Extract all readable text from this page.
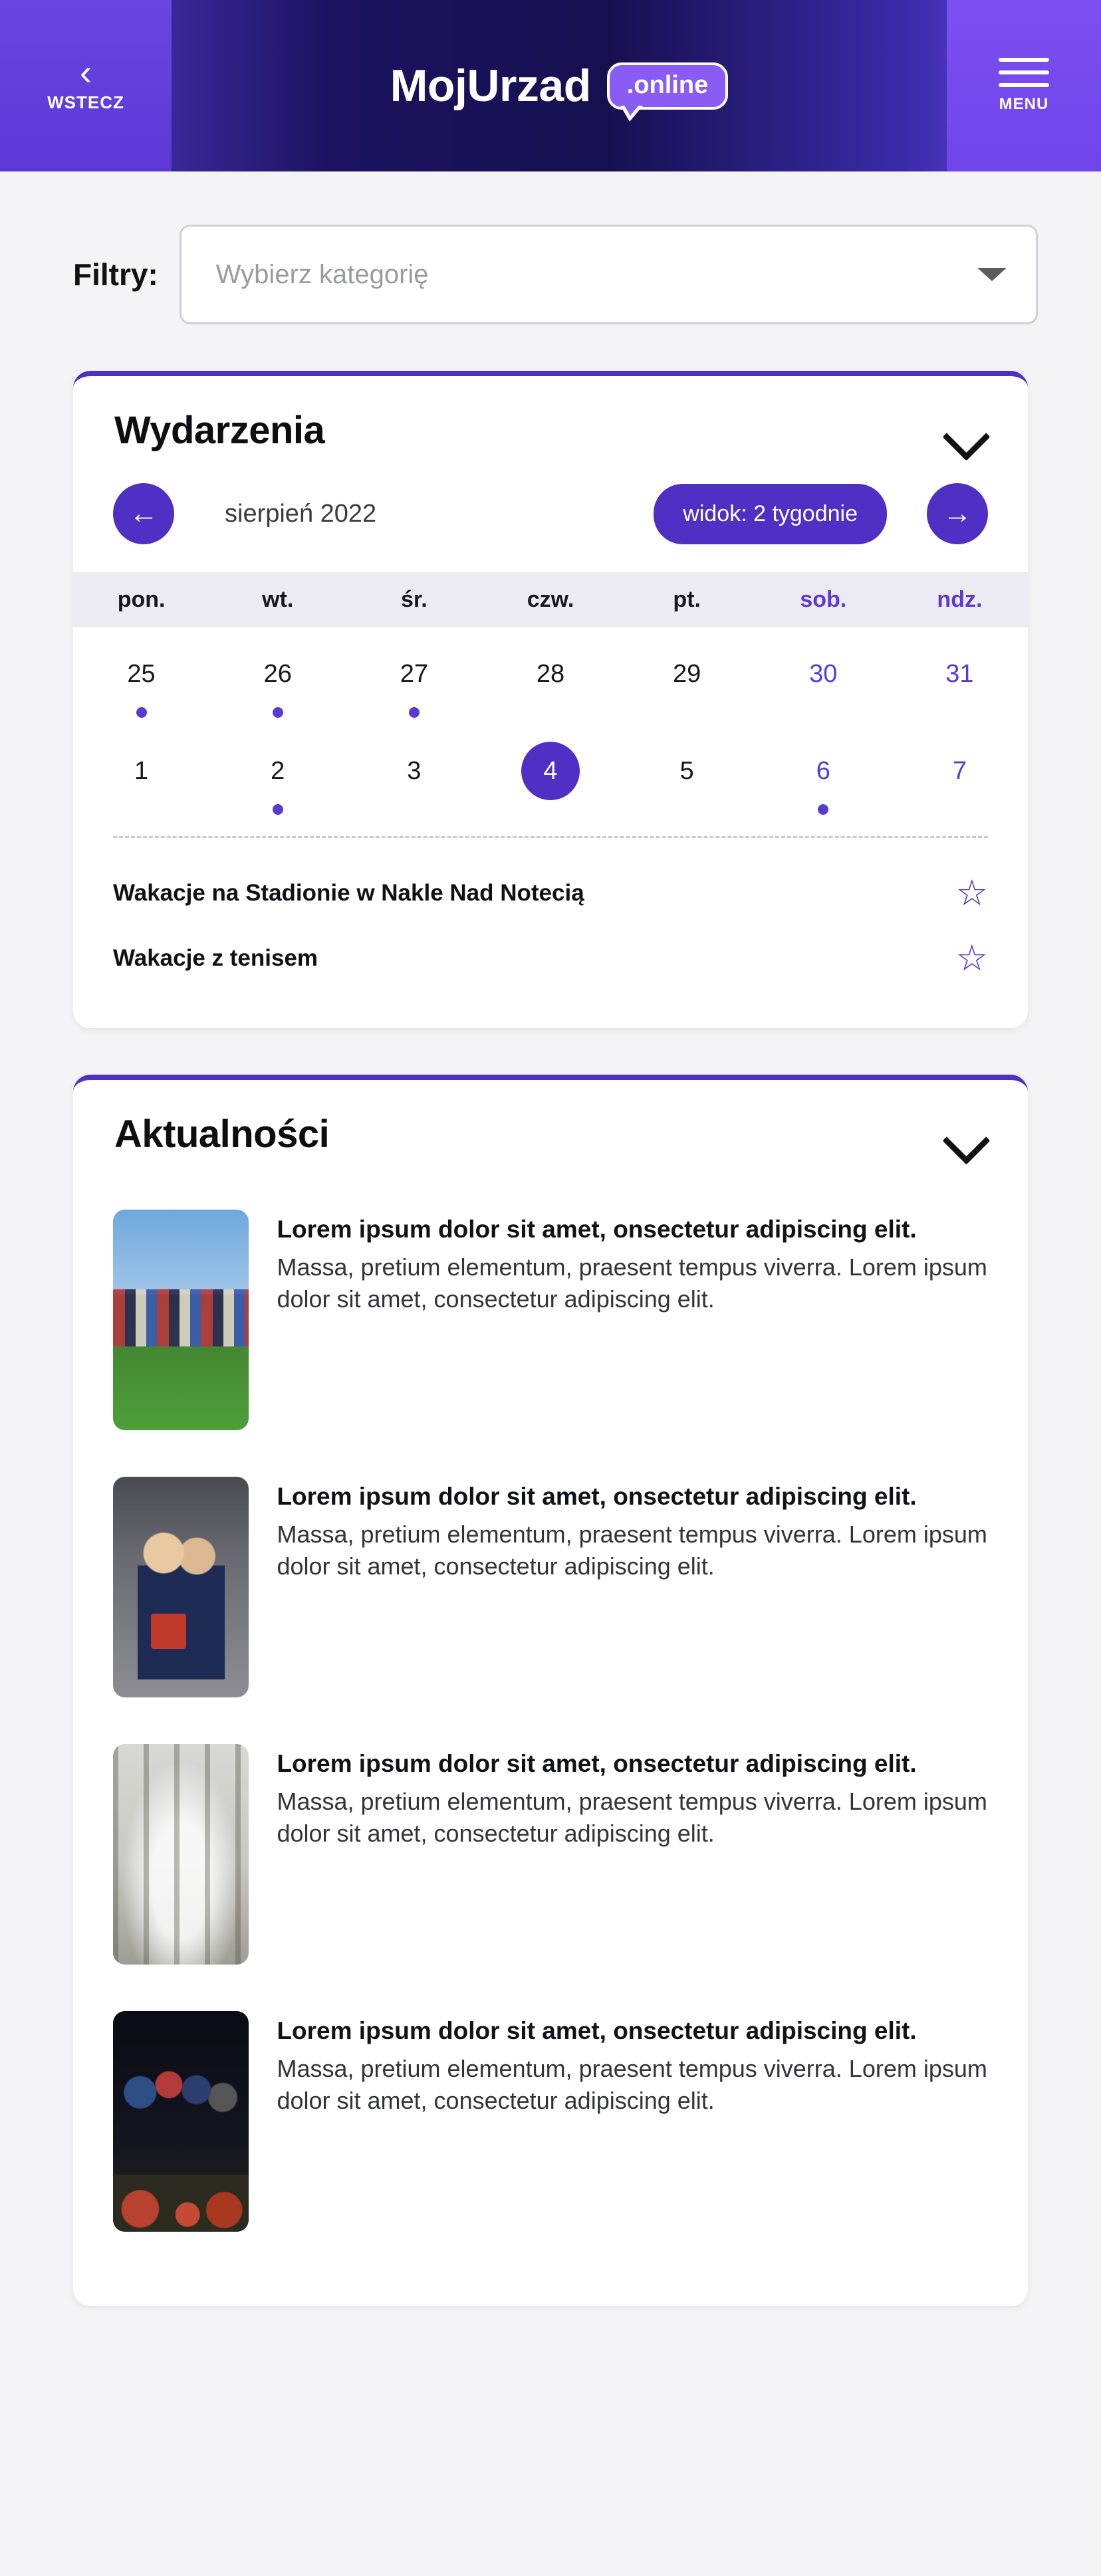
‹
WSTECZ	MojUrzad	.online
MENU
Filtry: Wybierz kategorię
Wydarzenia
←	sierpień 2022	widok: 2 tygodnie	→
pon.	wt.	śr.	czw.	pt.	sob.	ndz.
25	26	27	28	29	30	31
1	2	3	4	5	6	7
Wakacje na Stadionie w Nakle Nad Notecią	☆
Wakacje z tenisem	☆
Aktualności
Lorem ipsum dolor sit amet, onsectetur adipiscing elit.
Massa, pretium elementum, praesent tempus viverra. Lorem ipsum dolor sit amet, consectetur adipiscing elit.
Lorem ipsum dolor sit amet, onsectetur adipiscing elit.
Massa, pretium elementum, praesent tempus viverra. Lorem ipsum dolor sit amet, consectetur adipiscing elit.
Lorem ipsum dolor sit amet, onsectetur adipiscing elit.
Massa, pretium elementum, praesent tempus viverra. Lorem ipsum dolor sit amet, consectetur adipiscing elit.
Lorem ipsum dolor sit amet, onsectetur adipiscing elit.
Massa, pretium elementum, praesent tempus viverra. Lorem ipsum dolor sit amet, consectetur adipiscing elit.
